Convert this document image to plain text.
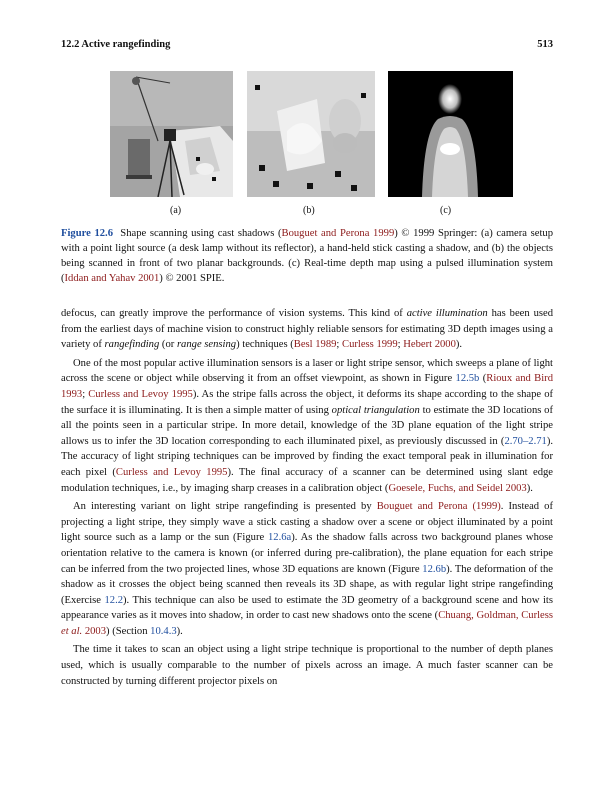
12.2 Active rangefinding	513
(a)	(b)	(c)
Figure 12.6 Shape scanning using cast shadows (Bouguet and Perona 1999) © 1999 Springer: (a) camera setup with a point light source (a desk lamp without its reflector), a hand-held stick casting a shadow, and (b) the objects being scanned in front of two planar backgrounds. (c) Real-time depth map using a pulsed illumination system (Iddan and Yahav 2001) © 2001 SPIE.

defocus, can greatly improve the performance of vision systems. This kind of active illumination has been used from the earliest days of machine vision to construct highly reliable sensors for estimating 3D depth images using a variety of rangefinding (or range sensing) techniques (Besl 1989; Curless 1999; Hebert 2000).

One of the most popular active illumination sensors is a laser or light stripe sensor, which sweeps a plane of light across the scene or object while observing it from an offset viewpoint, as shown in Figure 12.5b (Rioux and Bird 1993; Curless and Levoy 1995). As the stripe falls across the object, it deforms its shape according to the shape of the surface it is illuminating. It is then a simple matter of using optical triangulation to estimate the 3D locations of all the points seen in a particular stripe. In more detail, knowledge of the 3D plane equation of the light stripe allows us to infer the 3D location corresponding to each illuminated pixel, as previously discussed in (2.70–2.71). The accuracy of light striping techniques can be improved by finding the exact temporal peak in illumination for each pixel (Curless and Levoy 1995). The final accuracy of a scanner can be determined using slant edge modulation techniques, i.e., by imaging sharp creases in a calibration object (Goesele, Fuchs, and Seidel 2003).

An interesting variant on light stripe rangefinding is presented by Bouguet and Perona (1999). Instead of projecting a light stripe, they simply wave a stick casting a shadow over a scene or object illuminated by a point light source such as a lamp or the sun (Figure 12.6a). As the shadow falls across two background planes whose orientation relative to the camera is known (or inferred during pre-calibration), the plane equation for each stripe can be inferred from the two projected lines, whose 3D equations are known (Figure 12.6b). The deformation of the shadow as it crosses the object being scanned then reveals its 3D shape, as with regular light stripe rangefinding (Exercise 12.2). This technique can also be used to estimate the 3D geometry of a background scene and how its appearance varies as it moves into shadow, in order to cast new shadows onto the scene (Chuang, Goldman, Curless et al. 2003) (Section 10.4.3).

The time it takes to scan an object using a light stripe technique is proportional to the number of depth planes used, which is usually comparable to the number of pixels across an image. A much faster scanner can be constructed by turning different projector pixels on
